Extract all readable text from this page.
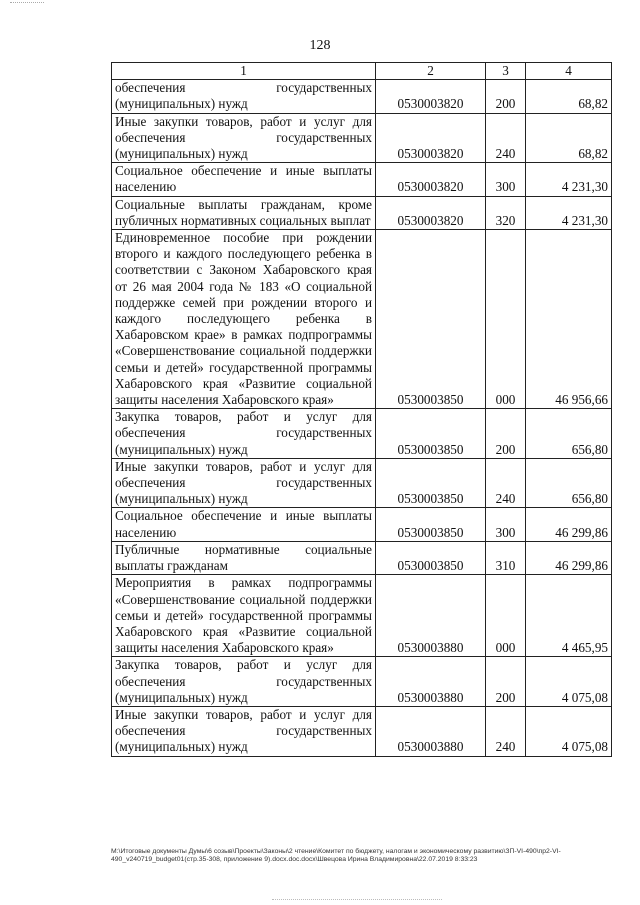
128
1	2	3	4
обеспечения государственных (муниципальных) нужд	0530003820	200	68,82
Иные закупки товаров, работ и услуг для обеспечения государственных (муниципальных) нужд	0530003820	240	68,82
Социальное обеспечение и иные выплаты населению	0530003820	300	4 231,30
Социальные выплаты гражданам, кроме публичных нормативных социальных выплат	0530003820	320	4 231,30
Единовременное пособие при рождении второго и каждого последующего ребенка в соответствии с Законом Хабаровского края от 26 мая 2004 года № 183 «О социальной поддержке семей при рождении второго и каждого последующего ребенка в Хабаровском крае» в рамках подпрограммы «Совершенствование социальной поддержки семьи и детей» государственной программы Хабаровского края «Развитие социальной защиты населения Хабаровского края»	0530003850	000	46 956,66
Закупка товаров, работ и услуг для обеспечения государственных (муниципальных) нужд	0530003850	200	656,80
Иные закупки товаров, работ и услуг для обеспечения государственных (муниципальных) нужд	0530003850	240	656,80
Социальное обеспечение и иные выплаты населению	0530003850	300	46 299,86
Публичные нормативные социальные выплаты гражданам	0530003850	310	46 299,86
Мероприятия в рамках подпрограммы «Совершенствование социальной поддержки семьи и детей» государственной программы Хабаровского края «Развитие социальной защиты населения Хабаровского края»	0530003880	000	4 465,95
Закупка товаров, работ и услуг для обеспечения государственных (муниципальных) нужд	0530003880	200	4 075,08
Иные закупки товаров, работ и услуг для обеспечения государственных (муниципальных) нужд	0530003880	240	4 075,08
M:\Итоговые документы Думы\6 созыв\Проекты\Законы\2 чтение\Комитет по бюджету, налогам и экономическому развитию\ЗП-VI-490\пр2-VI-490_v240719_budget01(стр.35-308, приложение 9).docx.doc.docx\Швецова Ирина Владимировна\22.07.2019 8:33:23
